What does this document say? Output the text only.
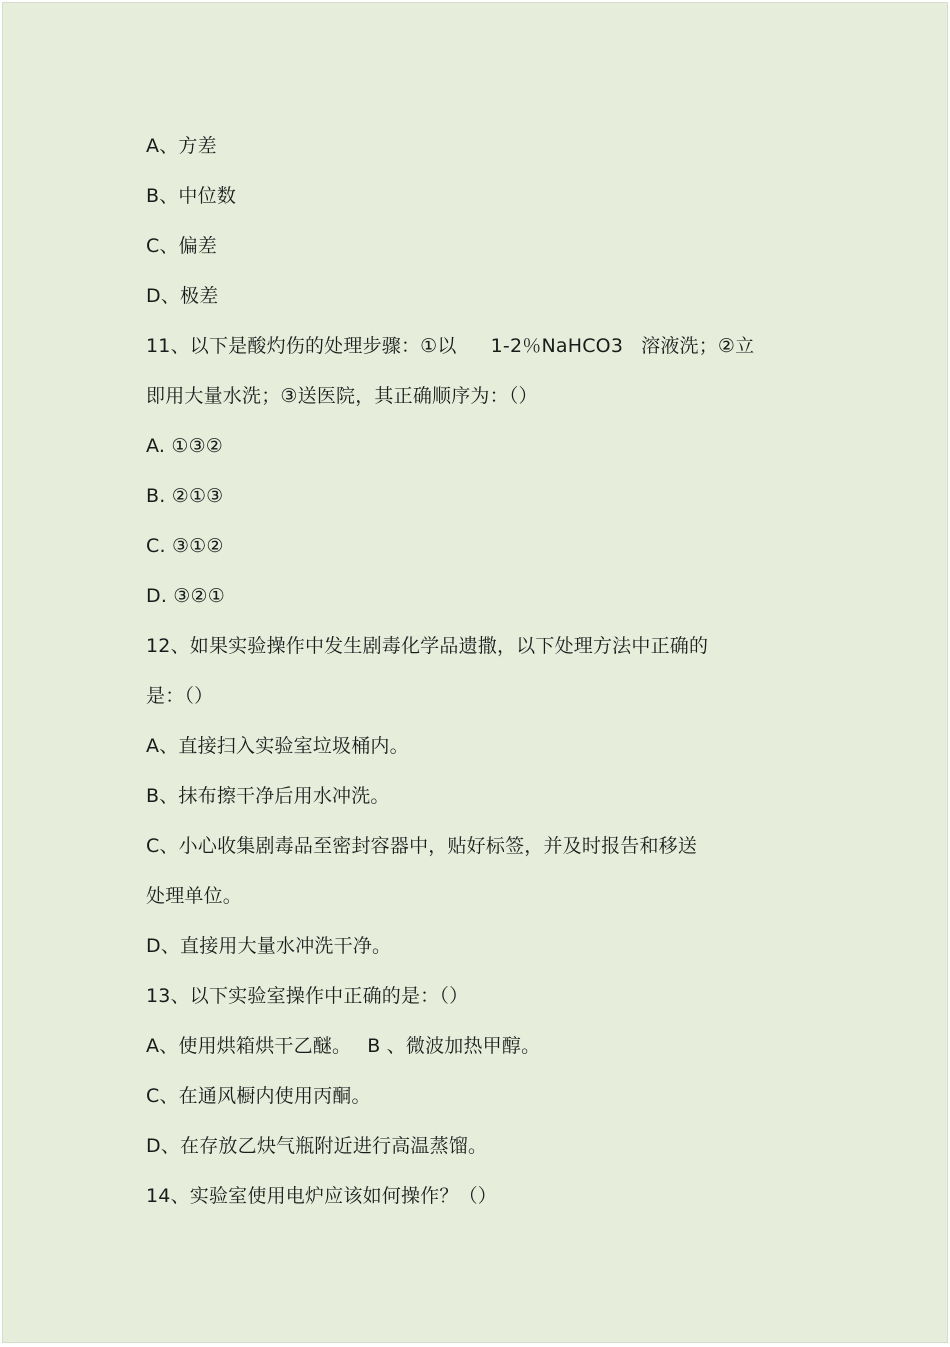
A、方差
B、中位数
C、偏差
D、极差
11、以下是酸灼伤的处理步骤：①以 1-2％NaHCO3 溶液洗；②立
即用大量水洗；③送医院，其正确顺序为：（）
A. ①③②
B. ②①③
C. ③①②
D. ③②①
12、如果实验操作中发生剧毒化学品遗撒，以下处理方法中正确的
是：（）
A、直接扫入实验室垃圾桶内。
B、抹布擦干净后用水冲洗。
C、小心收集剧毒品至密封容器中，贴好标签，并及时报告和移送
处理单位。
D、直接用大量水冲洗干净。
13、以下实验室操作中正确的是：（）
A、使用烘箱烘干乙醚。 B 、微波加热甲醇。
C、在通风橱内使用丙酮。
D、在存放乙炔气瓶附近进行高温蒸馏。
14、实验室使用电炉应该如何操作？（）
